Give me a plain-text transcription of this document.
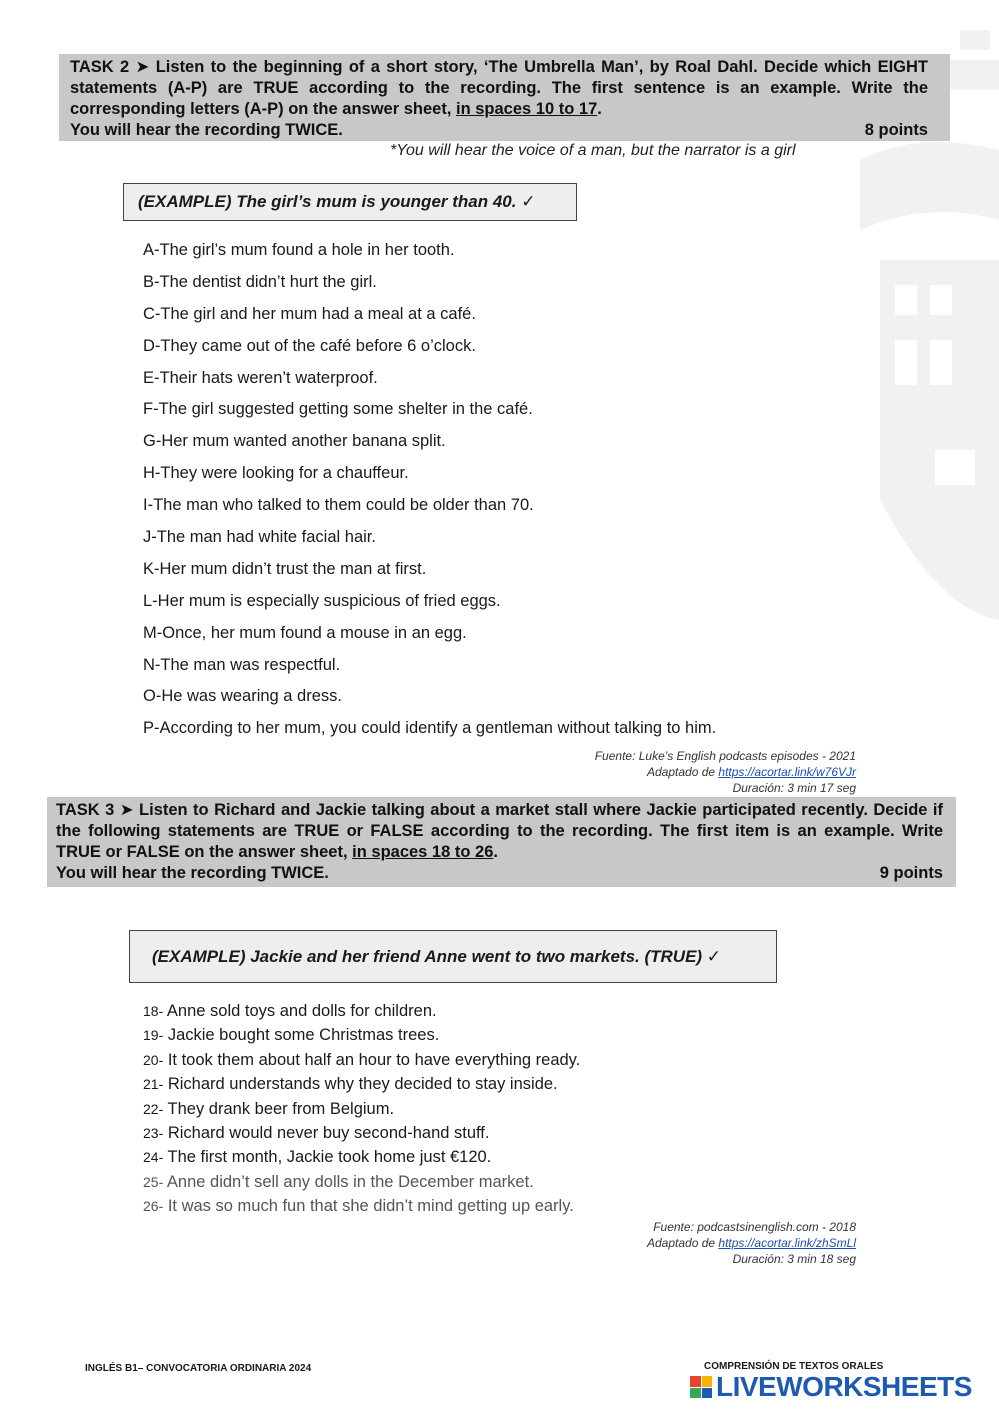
TASK 2 ➤ Listen to the beginning of a short story, ‘The Umbrella Man’, by Roal Dahl. Decide which EIGHT statements (A-P) are TRUE according to the recording. The first sentence is an example. Write the corresponding letters (A-P) on the answer sheet, in spaces 10 to 17.

You will hear the recording TWICE.	8 points
*You will hear the voice of a man, but the narrator is a girl
(EXAMPLE) The girl’s mum is younger than 40. ✓
A-The girl’s mum found a hole in her tooth.
B-The dentist didn’t hurt the girl.
C-The girl and her mum had a meal at a café.
D-They came out of the café before 6 o’clock.
E-Their hats weren’t waterproof.
F-The girl suggested getting some shelter in the café.
G-Her mum wanted another banana split.
H-They were looking for a chauffeur.
I-The man who talked to them could be older than 70.
J-The man had white facial hair.
K-Her mum didn’t trust the man at first.
L-Her mum is especially suspicious of fried eggs.
M-Once, her mum found a mouse in an egg.
N-The man was respectful.
O-He was wearing a dress.
P-According to her mum, you could identify a gentleman without talking to him.
Fuente: Luke’s English podcasts episodes - 2021
Adaptado de https://acortar.link/w76VJr
Duración: 3 min 17 seg

TASK 3 ➤ Listen to Richard and Jackie talking about a market stall where Jackie participated recently. Decide if the following statements are TRUE or FALSE according to the recording. The first item is an example. Write TRUE or FALSE on the answer sheet, in spaces 18 to 26.

You will hear the recording TWICE.	9 points
(EXAMPLE) Jackie and her friend Anne went to two markets. (TRUE) ✓
18- Anne sold toys and dolls for children.
19- Jackie bought some Christmas trees.
20- It took them about half an hour to have everything ready.
21- Richard understands why they decided to stay inside.
22- They drank beer from Belgium.
23- Richard would never buy second-hand stuff.
24- The first month, Jackie took home just €120.
25- Anne didn’t sell any dolls in the December market.
26- It was so much fun that she didn’t mind getting up early.
Fuente: podcastsinenglish.com - 2018
Adaptado de https://acortar.link/zhSmLl
Duración: 3 min 18 seg
INGLÉS B1– CONVOCATORIA ORDINARIA 2024	COMPRENSIÓN DE TEXTOS ORALES
LIVEWORKSHEETS
